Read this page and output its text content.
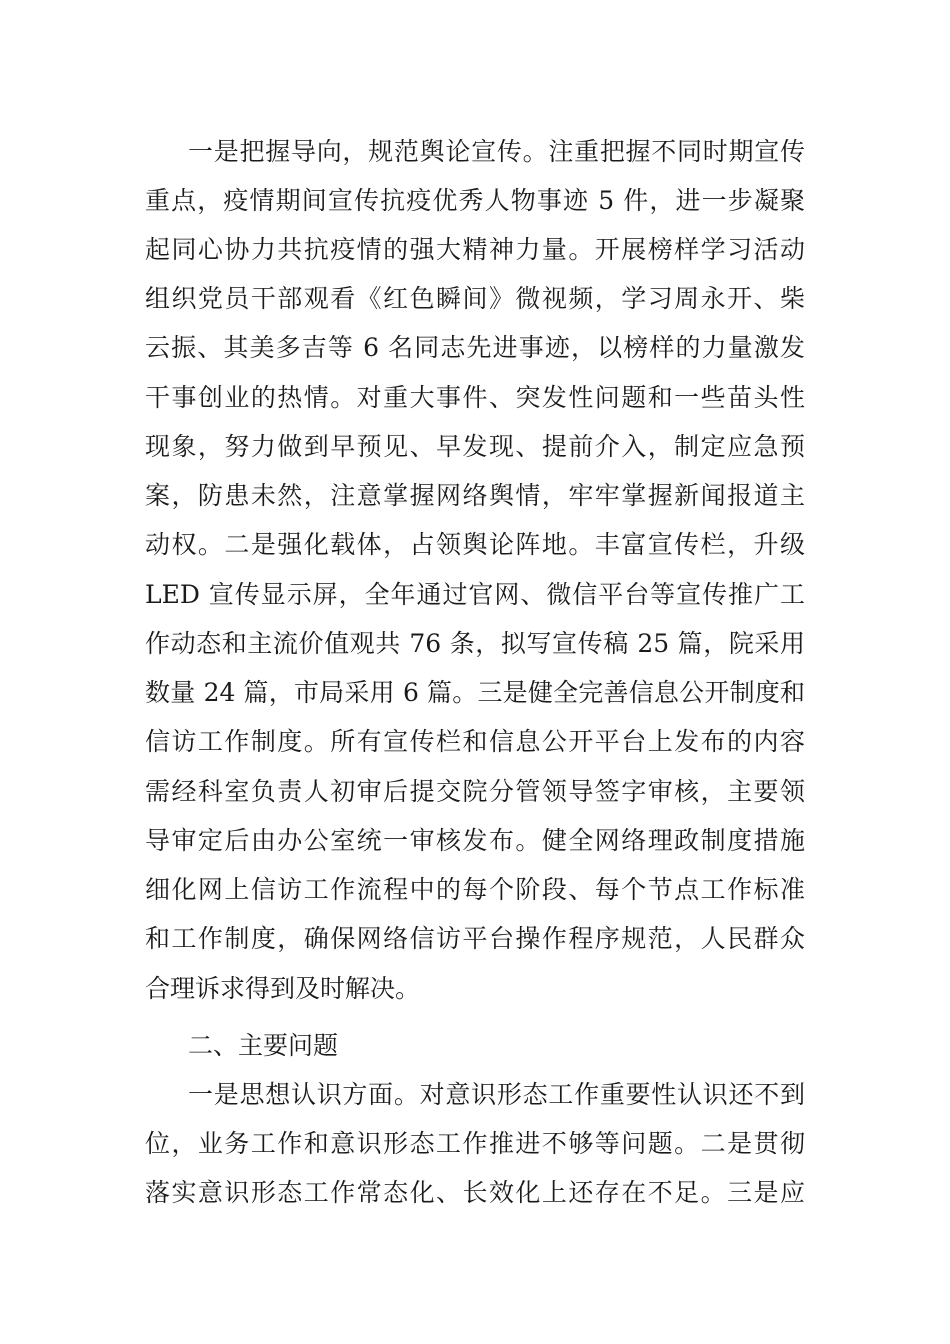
一是把握导向，规范舆论宣传。注重把握不同时期宣传
重点，疫情期间宣传抗疫优秀人物事迹 5 件，进一步凝聚
起同心协力共抗疫情的强大精神力量。开展榜样学习活动
组织党员干部观看《红色瞬间》微视频，学习周永开、柴
云振、其美多吉等 6 名同志先进事迹，以榜样的力量激发
干事创业的热情。对重大事件、突发性问题和一些苗头性
现象，努力做到早预见、早发现、提前介入，制定应急预
案，防患未然，注意掌握网络舆情，牢牢掌握新闻报道主
动权。二是强化载体，占领舆论阵地。丰富宣传栏，升级
LED 宣传显示屏，全年通过官网、微信平台等宣传推广工
作动态和主流价值观共 76 条，拟写宣传稿 25 篇，院采用
数量 24 篇，市局采用 6 篇。三是健全完善信息公开制度和
信访工作制度。所有宣传栏和信息公开平台上发布的内容
需经科室负责人初审后提交院分管领导签字审核，主要领
导审定后由办公室统一审核发布。健全网络理政制度措施
细化网上信访工作流程中的每个阶段、每个节点工作标准
和工作制度，确保网络信访平台操作程序规范，人民群众
合理诉求得到及时解决。
二、主要问题
一是思想认识方面。对意识形态工作重要性认识还不到
位，业务工作和意识形态工作推进不够等问题。二是贯彻
落实意识形态工作常态化、长效化上还存在不足。三是应
